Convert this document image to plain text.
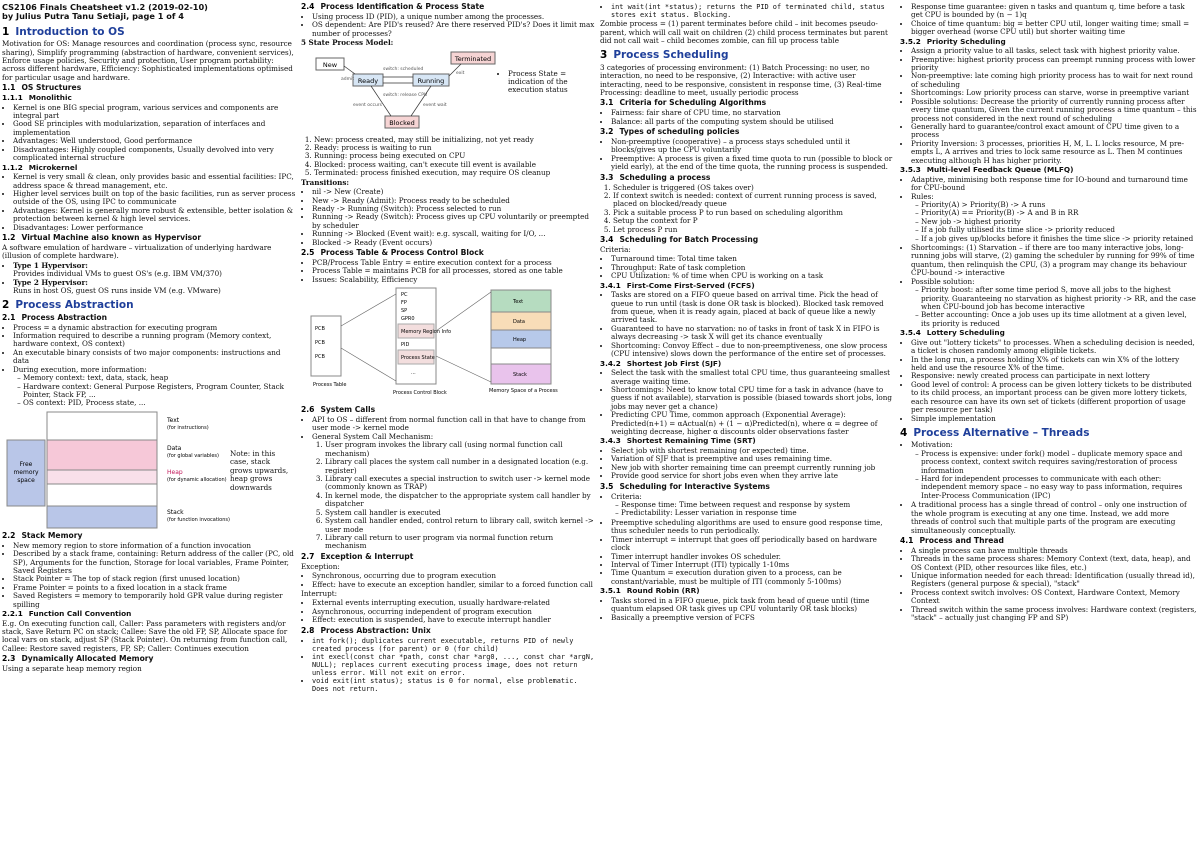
CS2106 Finals Cheatsheet v1.2 (2019-02-10)
by Julius Putra Tanu Setiaji, page 1 of 4
1 Introduction to OS

Motivation for OS: Manage resources and coordination (process sync, resource sharing), Simplify programming (abstraction of hardware, convenient services), Enforce usage policies, Security and protection, User program portability: across different hardware, Efficiency: Sophisticated implementations optimised for particular usage and hardware.

1.1 OS Structures
1.1.1 Monolithic
• Kernel is one BIG special program, various services and components are integral part
• Good SE principles with modularization, separation of interfaces and implementation
• Advantages: Well understood, Good performance
• Disadvantages: Highly coupled components, Usually devolved into very complicated internal structure
1.1.2 Microkernel
• Kernel is very small & clean, only provides basic and essential facilities: IPC, address space & thread management, etc.
• Higher level services built on top of the basic facilities, run as server process outside of the OS, using IPC to communicate
• Advantages: Kernel is generally more robust & extensible, better isolation & protection between kernel & high level services.
• Disadvantages: Lower performance
1.2 Virtual Machine also known as Hypervisor

A software emulation of hardware – virtualization of underlying hardware (illusion of complete hardware).

• Type 1 Hypervisor:
Provides individual VMs to guest OS's (e.g. IBM VM/370)
• Type 2 Hypervisor:
Runs in host OS, guest OS runs inside VM (e.g. VMware)
2 Process Abstraction
2.1 Process Abstraction
• Process = a dynamic abstraction for executing program
• Information required to describe a running program (Memory context, hardware context, OS context)
• An executable binary consists of two major components: instructions and data
• During execution, more information:
– Memory context: text, data, stack, heap
– Hardware context: General Purpose Registers, Program Counter, Stack Pointer, Stack FP, ...
– OS context: PID, Process state, ...
Text
(for instructions)
Data
(for global variables)
Heap
(for dynamic allocation)
Stack
(for function invocations)
Free
memory
space
Note: in this case, stack grows upwards, heap grows downwards
2.2 Stack Memory
• New memory region to store information of a function invocation
• Described by a stack frame, containing: Return address of the caller (PC, old SP), Arguments for the function, Storage for local variables, Frame Pointer, Saved Registers
• Stack Pointer = The top of stack region (first unused location)
• Frame Pointer = points to a fixed location in a stack frame
• Saved Registers = memory to temporarily hold GPR value during register spilling
2.2.1 Function Call Convention

E.g. On executing function call, Caller: Pass parameters with registers and/or stack, Save Return PC on stack; Callee: Save the old FP, SP, Allocate space for local vars on stack, adjust SP (Stack Pointer). On returning from function call, Callee: Restore saved registers, FP, SP; Caller: Continues execution

2.3 Dynamically Allocated Memory

Using a separate heap memory region

2.4 Process Identification & Process State
• Using process ID (PID), a unique number among the processes.
• OS dependent: Are PID's reused? Are there reserved PID's? Does it limit max number of processes?

5 State Process Model:

New
Ready	Running
Terminated
Blocked
admit
switch: scheduled
switch: release CPU
exit
event wait
event occurs
• Process State = indication of the execution status
1. New: process created, may still be initializing, not yet ready
2. Ready: process is waiting to run
3. Running: process being executed on CPU
4. Blocked: process waiting, can't execute till event is available
5. Terminated: process finished execution, may require OS cleanup

Transitions:

• nil -> New (Create)
• New -> Ready (Admit): Process ready to be scheduled
• Ready -> Running (Switch): Process selected to run
• Running -> Ready (Switch): Process gives up CPU voluntarily or preempted by scheduler
• Running -> Blocked (Event wait): e.g. syscall, waiting for I/O, ...
• Blocked -> Ready (Event occurs)
2.5 Process Table & Process Control Block
• PCB/Process Table Entry = entire execution context for a process
• Process Table = maintains PCB for all processes, stored as one table
• Issues: Scalability, Efficiency
PCB
PCB
PCB
Process Table
PC
FP
SP
GPR0
Memory Region Info
PID
Process State
...
Process Control Block
Text
Data
Heap
Stack
Memory Space of a Process
2.6 System Calls
• API to OS – different from normal function call in that have to change from user mode -> kernel mode
• General System Call Mechanism:
1. User program invokes the library call (using normal function call mechanism)
2. Library call places the system call number in a designated location (e.g. register)
3. Library call executes a special instruction to switch user -> kernel mode (commonly known as TRAP)
4. In kernel mode, the dispatcher to the appropriate system call handler by dispatcher
5. System call handler is executed
6. System call handler ended, control return to library call, switch kernel -> user mode
7. Library call return to user program via normal function return mechanism
2.7 Exception & Interrupt

Exception:

• Synchronous, occurring due to program execution
• Effect: have to execute an exception handler, similar to a forced function call

Interrupt:

• External events interrupting execution, usually hardware-related
• Asynchronous, occurring independent of program execution
• Effect: execution is suspended, have to execute interrupt handler
2.8 Process Abstraction: Unix
• int fork(); duplicates current executable, returns PID of newly created process (for parent) or 0 (for child)
• int execl(const char *path, const char *arg0, ..., const char *argN, NULL); replaces current executing process image, does not return unless error. Will not exit on error.
• void exit(int status); status is 0 for normal, else problematic. Does not return.
• int wait(int *status); returns the PID of terminated child, status stores exit status. Blocking.

Zombie process = (1) parent terminates before child – init becomes pseudo-parent, which will call wait on children (2) child process terminates but parent did not call wait – child becomes zombie, can fill up process table

3 Process Scheduling

3 categories of processing environment: (1) Batch Processing: no user, no interaction, no need to be responsive, (2) Interactive: with active user interacting, need to be responsive, consistent in response time, (3) Real-time Processing: deadline to meet, usually periodic process

3.1 Criteria for Scheduling Algorithms
• Fairness: fair share of CPU time, no starvation
• Balance: all parts of the computing system should be utilised
3.2 Types of scheduling policies
• Non-preemptive (cooperative) – a process stays scheduled until it blocks/gives up the CPU voluntarily
• Preemptive: A process is given a fixed time quota to run (possible to block or yield early), at the end of the time quota, the running process is suspended.
3.3 Scheduling a process
1. Scheduler is triggered (OS takes over)
2. If context switch is needed: context of current running process is saved, placed on blocked/ready queue
3. Pick a suitable process P to run based on scheduling algorithm
4. Setup the context for P
5. Let process P run
3.4 Scheduling for Batch Processing

Criteria:

• Turnaround time: Total time taken
• Throughput: Rate of task completion
• CPU Utilization: % of time when CPU is working on a task
3.4.1 First-Come First-Served (FCFS)
• Tasks are stored on a FIFO queue based on arrival time. Pick the head of queue to run until (task is done OR task is blocked). Blocked task removed from queue, when it is ready again, placed at back of queue like a newly arrived task.
• Guaranteed to have no starvation: no of tasks in front of task X in FIFO is always decreasing -> task X will get its chance eventually
• Shortcoming: Convoy Effect – due to non-preemptiveness, one slow process (CPU intensive) slows down the performance of the entire set of processes.
3.4.2 Shortest Job First (SJF)
• Select the task with the smallest total CPU time, thus guaranteeing smallest average waiting time.
• Shortcomings: Need to know total CPU time for a task in advance (have to guess if not available), starvation is possible (biased towards short jobs, long jobs may never get a chance)
• Predicting CPU Time, common approach (Exponential Average): Predicted(n+1) = αActual(n) + (1 − α)Predicted(n), where α = degree of weighting decrease, higher α discounts older observations faster
3.4.3 Shortest Remaining Time (SRT)
• Select job with shortest remaining (or expected) time.
• Variation of SJF that is preemptive and uses remaining time.
• New job with shorter remaining time can preempt currently running job
• Provide good service for short jobs even when they arrive late
3.5 Scheduling for Interactive Systems
• Criteria:
– Response time: Time between request and response by system
– Predictability: Lesser variation in response time
• Preemptive scheduling algorithms are used to ensure good response time, thus scheduler needs to run periodically.
• Timer interrupt = interrupt that goes off periodically based on hardware clock
• Timer interrupt handler invokes OS scheduler.
• Interval of Timer Interrupt (ITI) typically 1-10ms
• Time Quantum = execution duration given to a process, can be constant/variable, must be multiple of ITI (commonly 5-100ms)
3.5.1 Round Robin (RR)
• Tasks stored in a FIFO queue, pick task from head of queue until (time quantum elapsed OR task gives up CPU voluntarily OR task blocks)
• Basically a preemptive version of FCFS
• Response time guarantee: given n tasks and quantum q, time before a task get CPU is bounded by (n − 1)q
• Choice of time quantum: big = better CPU util, longer waiting time; small = bigger overhead (worse CPU util) but shorter waiting time
3.5.2 Priority Scheduling
• Assign a priority value to all tasks, select task with highest priority value.
• Preemptive: highest priority process can preempt running process with lower priority
• Non-preemptive: late coming high priority process has to wait for next round of scheduling
• Shortcomings: Low priority process can starve, worse in preemptive variant
• Possible solutions: Decrease the priority of currently running process after every time quantum, Given the current running process a time quantum – this process not considered in the next round of scheduling
• Generally hard to guarantee/control exact amount of CPU time given to a process
• Priority Inversion: 3 processes, priorities H, M, L. L locks resource, M pre-empts L, A arrives and tries to lock same resource as L. Then M continues executing although H has higher priority.
3.5.3 Multi-level Feedback Queue (MLFQ)
• Adaptive, minimising both response time for IO-bound and turnaround time for CPU-bound
• Rules:
– Priority(A) > Priority(B) -> A runs
– Priority(A) == Priority(B) -> A and B in RR
– New job -> highest priority
– If a job fully utilised its time slice -> priority reduced
– If a job gives up/blocks before it finishes the time slice -> priority retained
• Shortcomings: (1) Starvation – if there are too many interactive jobs, long-running jobs will starve, (2) gaming the scheduler by running for 99% of time quantum, then relinquish the CPU, (3) a program may change its behaviour CPU-bound -> interactive
• Possible solution:
– Priority boost: after some time period S, move all jobs to the highest priority. Guaranteeing no starvation as highest priority -> RR, and the case when CPU-bound job has become interactive
– Better accounting: Once a job uses up its time allotment at a given level, its priority is reduced
3.5.4 Lottery Scheduling
• Give out "lottery tickets" to processes. When a scheduling decision is needed, a ticket is chosen randomly among eligible tickets.
• In the long run, a process holding X% of tickets can win X% of the lottery held and use the resource X% of the time.
• Responsive: newly created process can participate in next lottery
• Good level of control: A process can be given lottery tickets to be distributed to its child process, an important process can be given more lottery tickets, each resource can have its own set of tickets (different proportion of usage per resource per task)
• Simple implementation
4 Process Alternative – Threads
• Motivation:
– Process is expensive: under fork() model – duplicate memory space and process context, context switch requires saving/restoration of process information
– Hard for independent processes to communicate with each other: independent memory space – no easy way to pass information, requires Inter-Process Communication (IPC)
• A traditional process has a single thread of control – only one instruction of the whole program is executing at any one time. Instead, we add more threads of control such that multiple parts of the program are executing simultaneously conceptually.
4.1 Process and Thread
• A single process can have multiple threads
• Threads in the same process shares: Memory Context (text, data, heap), and OS Context (PID, other resources like files, etc.)
• Unique information needed for each thread: Identification (usually thread id), Registers (general purpose & special), "stack"
• Process context switch involves: OS Context, Hardware Context, Memory Context
• Thread switch within the same process involves: Hardware context (registers, "stack" – actually just changing FP and SP)
